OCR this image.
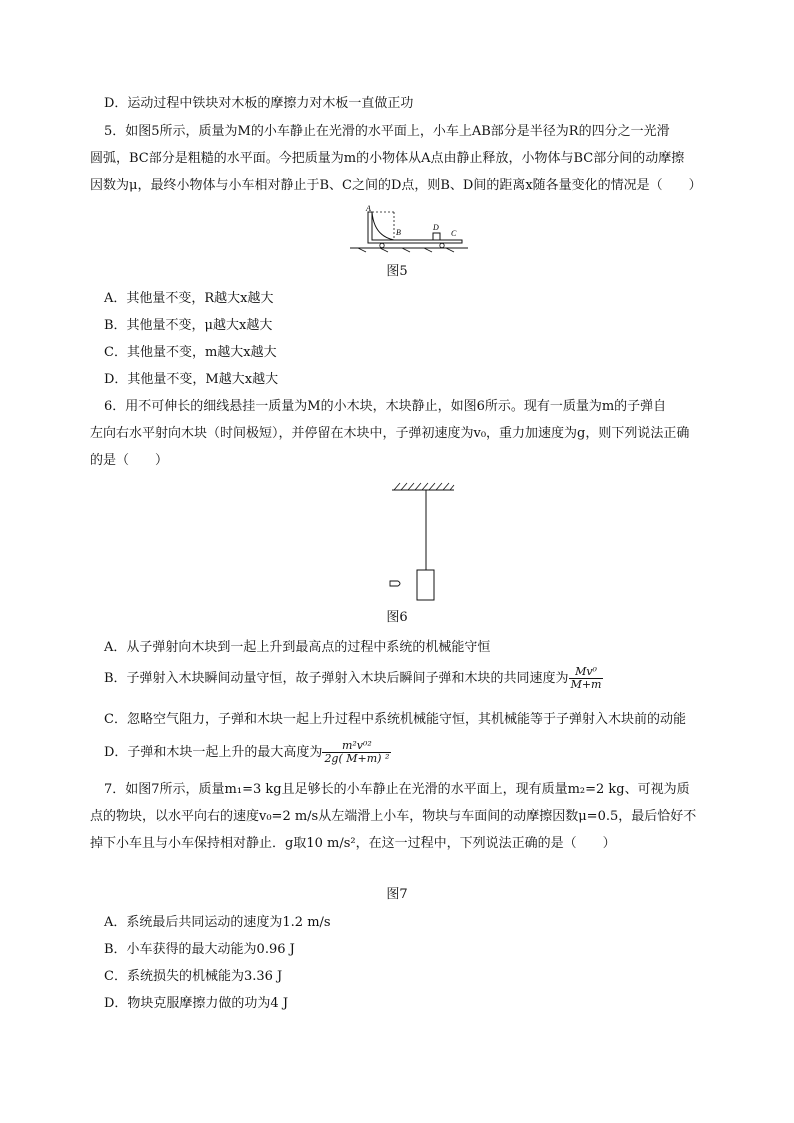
D．运动过程中铁块对木板的摩擦力对木板一直做正功
5．如图5所示，质量为M的小车静止在光滑的水平面上，小车上AB部分是半径为R的四分之一光滑
圆弧，BC部分是粗糙的水平面。今把质量为m的小物体从A点由静止释放，小物体与BC部分间的动摩擦
因数为μ，最终小物体与小车相对静止于B、C之间的D点，则B、D间的距离x随各量变化的情况是（　　）
A
B
D
C
图5
A．其他量不变，R越大x越大
B．其他量不变，μ越大x越大
C．其他量不变，m越大x越大
D．其他量不变，M越大x越大
6．用不可伸长的细线悬挂一质量为M的小木块，木块静止，如图6所示。现有一质量为m的子弹自
左向右水平射向木块（时间极短），并停留在木块中，子弹初速度为v₀，重力加速度为g，则下列说法正确
的是（　　）
图6
A．从子弹射向木块到一起上升到最高点的过程中系统的机械能守恒
B．子弹射入木块瞬间动量守恒，故子弹射入木块后瞬间子弹和木块的共同速度为 $\frac{\text{Mv⁰}}{M+m}$
C．忽略空气阻力，子弹和木块一起上升过程中系统机械能守恒，其机械能等于子弹射入木块前的动能
D．子弹和木块一起上升的最大高度为 $\frac{\text{m²v⁰²}}{\text{2g( M+m) ²}}$
7．如图7所示，质量m₁=3 kg且足够长的小车静止在光滑的水平面上，现有质量m₂=2 kg、可视为质
点的物块，以水平向右的速度v₀=2 m/s从左端滑上小车，物块与车面间的动摩擦因数μ=0.5，最后恰好不
掉下小车且与小车保持相对静止．g取10 m/s²，在这一过程中，下列说法正确的是（　　）
图7
A．系统最后共同运动的速度为1.2 m/s
B．小车获得的最大动能为0.96 J
C．系统损失的机械能为3.36 J
D．物块克服摩擦力做的功为4 J
